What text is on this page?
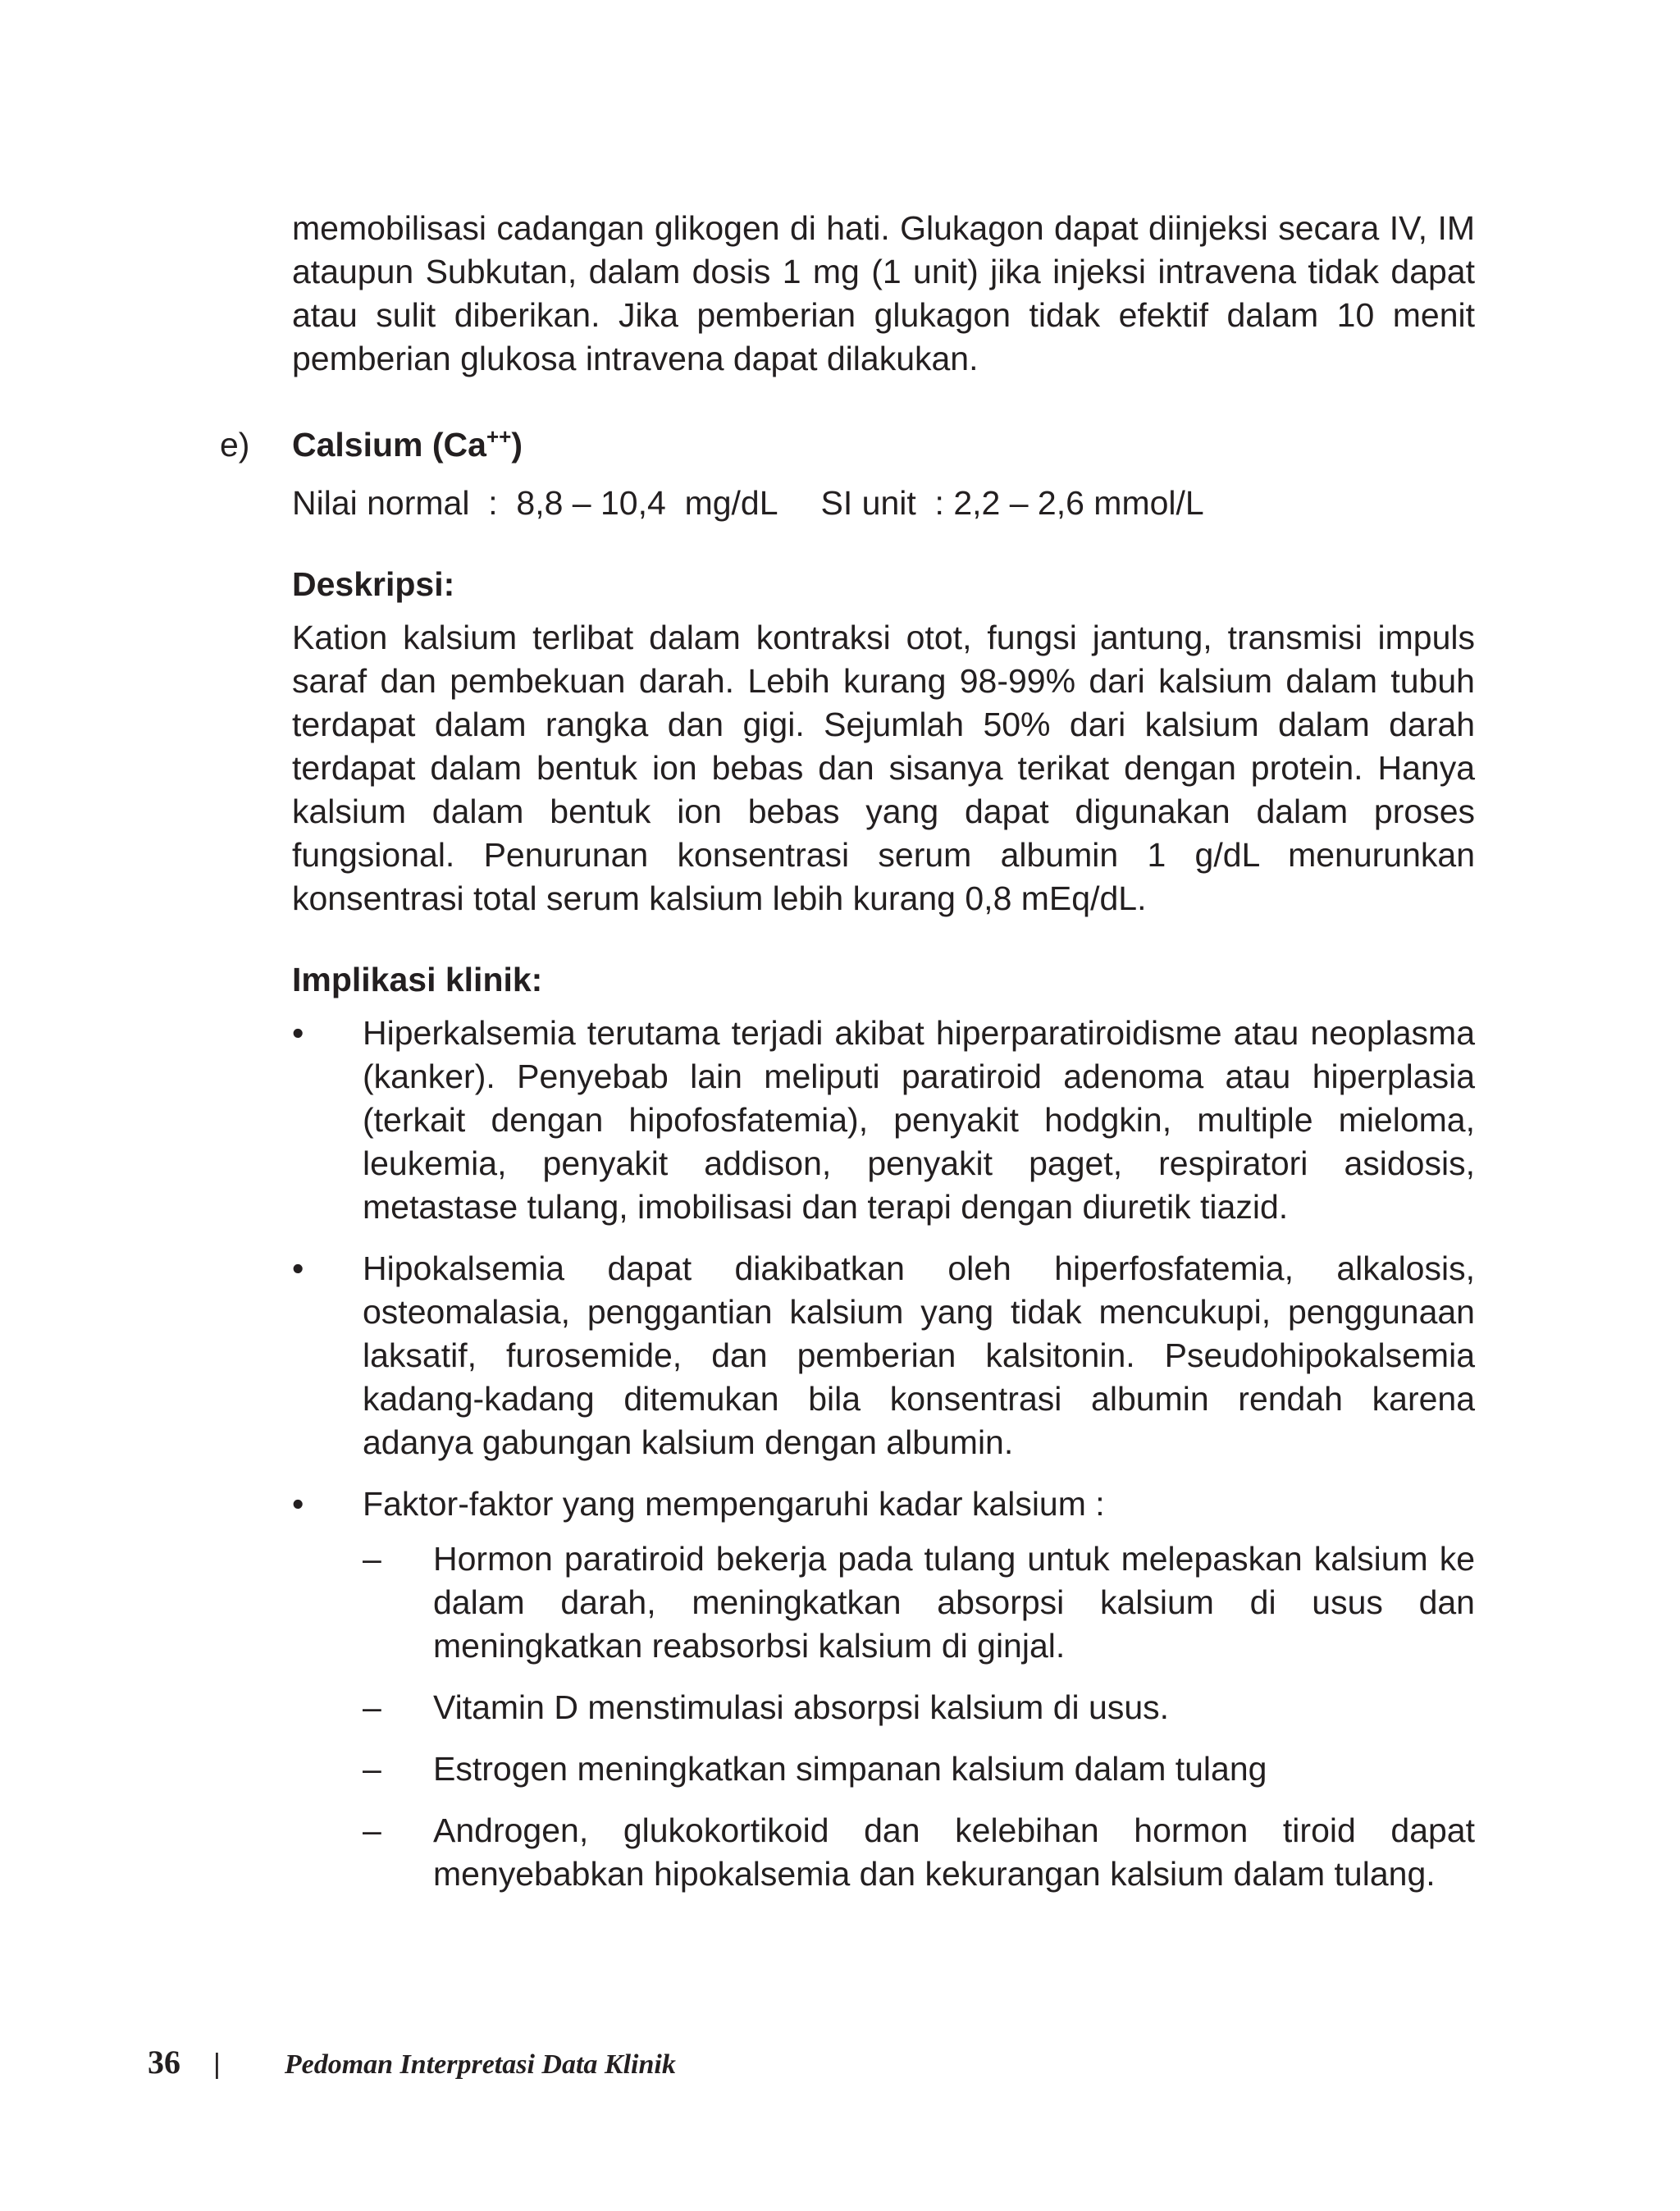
memobilisasi cadangan glikogen di hati. Glukagon dapat diinjeksi secara IV, IM ataupun Subkutan, dalam dosis 1 mg (1 unit) jika injeksi intravena tidak dapat atau sulit diberikan. Jika pemberian glukagon tidak efektif dalam 10 menit pemberian glukosa intravena dapat dilakukan.

e) Calsium (Ca++)

Nilai normal  :  8,8 – 10,4  mg/dL SI unit  : 2,2 – 2,6 mmol/L

Deskripsi:

Kation kalsium terlibat dalam kontraksi otot, fungsi jantung, transmisi impuls saraf dan pembekuan darah. Lebih kurang 98-99% dari kalsium dalam tubuh terdapat dalam rangka dan gigi. Sejumlah 50% dari kalsium dalam darah terdapat dalam bentuk ion bebas dan sisanya terikat dengan protein. Hanya kalsium dalam bentuk ion bebas yang dapat digunakan dalam proses fungsional. Penurunan konsentrasi serum albumin 1 g/dL menurunkan konsentrasi total serum kalsium lebih kurang 0,8 mEq/dL.

Implikasi klinik:

• Hiperkalsemia terutama terjadi akibat hiperparatiroidisme atau neoplasma (kanker). Penyebab lain meliputi paratiroid adenoma atau hiperplasia (terkait dengan hipofosfatemia), penyakit hodgkin, multiple mieloma, leukemia, penyakit addison, penyakit paget, respiratori asidosis, metastase tulang, imobilisasi dan terapi dengan diuretik tiazid.

• Hipokalsemia dapat diakibatkan oleh hiperfosfatemia, alkalosis, osteomalasia, penggantian kalsium yang tidak mencukupi, penggunaan laksatif, furosemide, dan pemberian kalsitonin. Pseudohipokalsemia kadang-kadang ditemukan bila konsentrasi albumin rendah karena adanya gabungan kalsium dengan albumin.

• Faktor-faktor yang mempengaruhi kadar kalsium :

– Hormon paratiroid bekerja pada tulang untuk melepaskan kalsium ke dalam darah, meningkatkan absorpsi kalsium di usus dan meningkatkan reabsorbsi kalsium di ginjal.

– Vitamin D menstimulasi absorpsi kalsium di usus.

– Estrogen meningkatkan simpanan kalsium dalam tulang

– Androgen, glukokortikoid dan kelebihan hormon tiroid dapat menyebabkan hipokalsemia dan kekurangan kalsium dalam tulang.

36 | Pedoman Interpretasi Data Klinik
